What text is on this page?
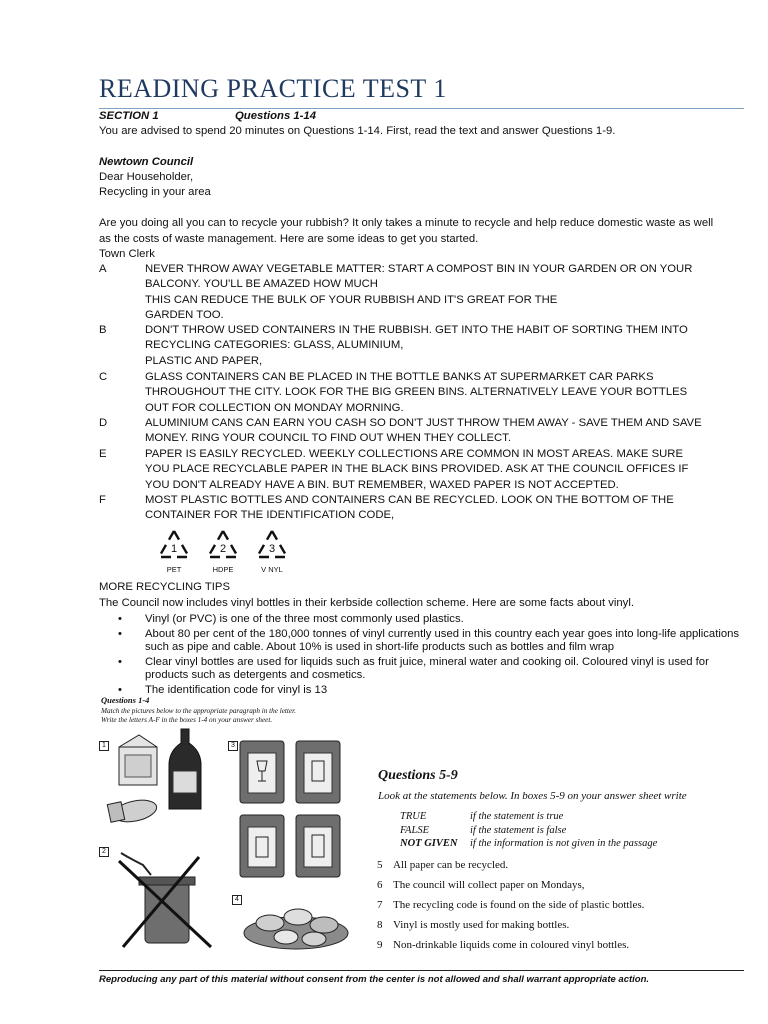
READING PRACTICE TEST 1
SECTION 1	Questions 1-14
You are advised to spend 20 minutes on Questions 1-14. First, read the text and answer Questions 1-9.
Newtown Council
Dear Householder,
Recycling in your area
Are you doing all you can to recycle your rubbish? It only takes a minute to recycle and help reduce domestic waste as well
as the costs of waste management. Here are some ideas to get you started.
Town Clerk
A	NEVER THROW AWAY VEGETABLE MATTER: START A COMPOST BIN IN YOUR GARDEN OR ON YOUR
BALCONY. YOU'LL BE AMAZED HOW MUCH
THIS CAN REDUCE THE BULK OF YOUR RUBBISH AND IT'S GREAT FOR THE
GARDEN TOO.
B	DON'T THROW USED CONTAINERS IN THE RUBBISH. GET INTO THE HABIT OF SORTING THEM INTO
RECYCLING CATEGORIES: GLASS, ALUMINIUM,
PLASTIC AND PAPER,
C	GLASS CONTAINERS CAN BE PLACED IN THE BOTTLE BANKS AT SUPERMARKET CAR PARKS
THROUGHOUT THE CITY. LOOK FOR THE BIG GREEN BINS. ALTERNATIVELY LEAVE YOUR BOTTLES
OUT FOR COLLECTION ON MONDAY MORNING.
D	ALUMINIUM CANS CAN EARN YOU CASH SO DON'T JUST THROW THEM AWAY - SAVE THEM AND SAVE
MONEY. RING YOUR COUNCIL TO FIND OUT WHEN THEY COLLECT.
E	PAPER IS EASILY RECYCLED. WEEKLY COLLECTIONS ARE COMMON IN MOST AREAS. MAKE SURE
YOU PLACE RECYCLABLE PAPER IN THE BLACK BINS PROVIDED. ASK AT THE COUNCIL OFFICES IF
YOU DON'T ALREADY HAVE A BIN. BUT REMEMBER, WAXED PAPER IS NOT ACCEPTED.
F	MOST PLASTIC BOTTLES AND CONTAINERS CAN BE RECYCLED. LOOK ON THE BOTTOM OF THE
CONTAINER FOR THE IDENTIFICATION CODE,
1
PET
2
HDPE
3
V NYL
MORE RECYCLING TIPS
The Council now includes vinyl bottles in their kerbside collection scheme. Here are some facts about vinyl.
• Vinyl (or PVC) is one of the three most commonly used plastics.
• About 80 per cent of the 180,000 tonnes of vinyl currently used in this country each year goes into long-life applications such as pipe and cable. About 10% is used in short-life products such as bottles and film wrap
• Clear vinyl bottles are used for liquids such as fruit juice, mineral water and cooking oil. Coloured vinyl is used for products such as detergents and cosmetics.
• The identification code for vinyl is 13
Questions 1-4
Match the pictures below to the appropriate paragraph in the letter. Write the letters A-F in the boxes 1-4 on your answer sheet.
1	3
2
4
Questions 5-9
Look at the statements below. In boxes 5-9 on your answer sheet write
TRUE	if the statement is true
FALSE	if the statement is false
NOT GIVEN if the information is not given in the passage
5 All paper can be recycled.
6 The council will collect paper on Mondays,
7 The recycling code is found on the side of plastic bottles.
8 Vinyl is mostly used for making bottles.
9 Non-drinkable liquids come in coloured vinyl bottles.
Reproducing any part of this material without consent from the center is not allowed and shall warrant appropriate action.
